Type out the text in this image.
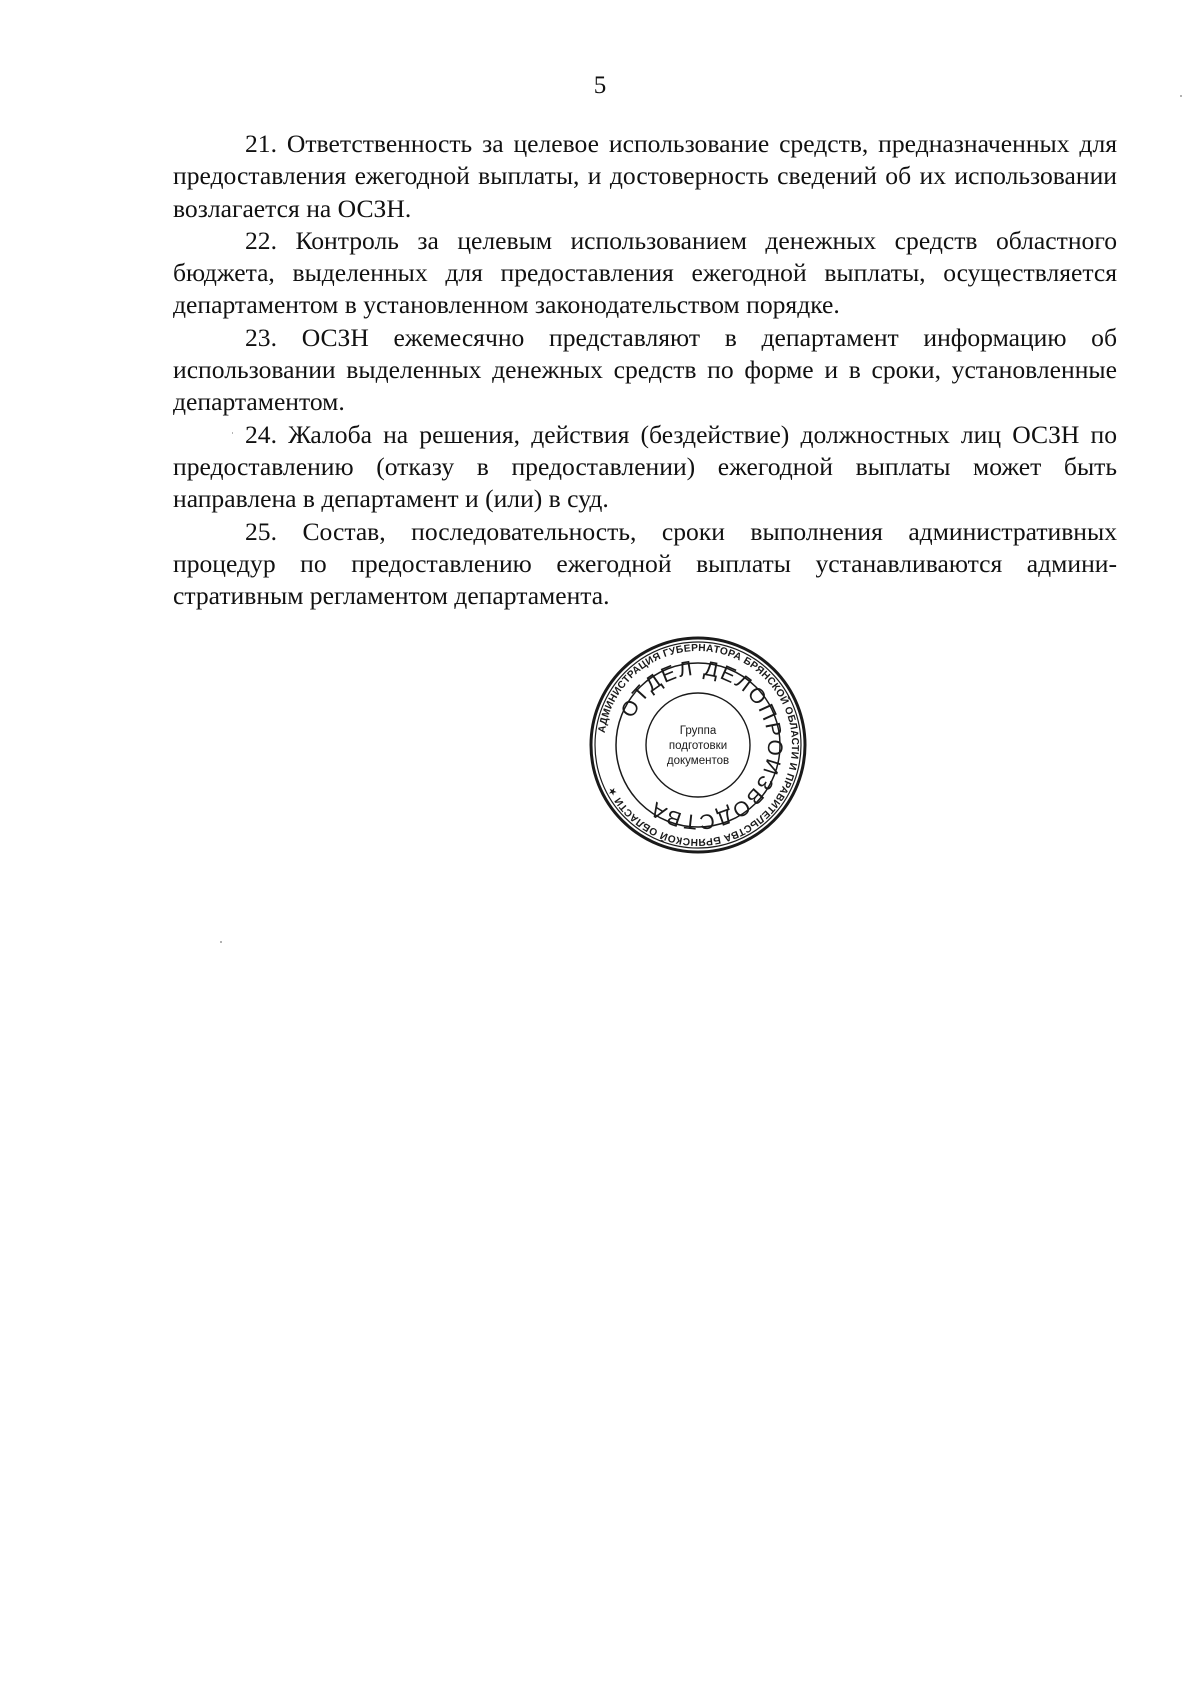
5

21. Ответственность за целевое использование средств, предназначенных для предоставления ежегодной выплаты, и достоверность сведений об их использовании возлагается на ОСЗН.

22. Контроль за целевым использованием денежных средств областного бюджета, выделенных для предоставления ежегодной выплаты, осуществляется департаментом в установленном законодательством порядке.

23. ОСЗН ежемесячно представляют в департамент информацию об использовании выделенных денежных средств по форме и в сроки, установленные департаментом.

24. Жалоба на решения, действия (бездействие) должностных лиц ОСЗН по предоставлению (отказу в предоставлении) ежегодной выплаты может быть направлена в департамент и (или) в суд.

25. Состав, последовательность, сроки выполнения административных процедур по предоставлению ежегодной выплаты устанавливаются административным регламентом департамента.

АДМИНИСТРАЦИЯ ГУБЕРНАТОРА БРЯНСКОЙ ОБЛАСТИ И ПРАВИТЕЛЬСТВА БРЯНСКОЙ ОБЛАСТИ ★
ОТДЕЛ ДЕЛОПРОИЗВОДСТВА
Группа
подготовки
документов
